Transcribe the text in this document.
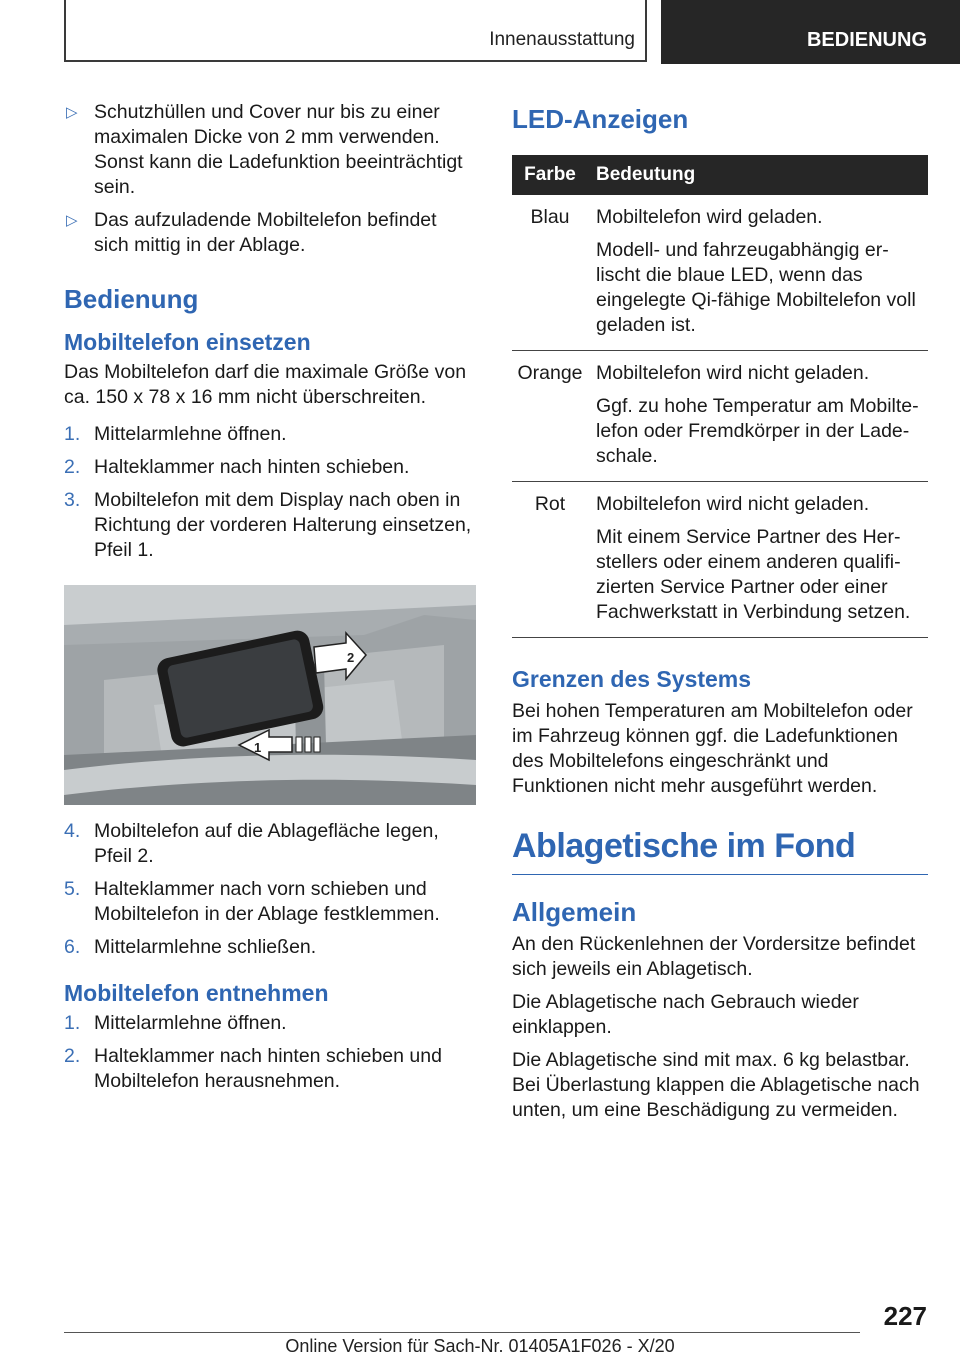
Innenausstattung	BEDIENUNG

▷ Schutzhüllen und Cover nur bis zu einer maximalen Dicke von 2 mm verwenden. Sonst kann die Ladefunktion beeinträchtigt sein.

▷ Das aufzuladende Mobiltelefon befindet sich mittig in der Ablage.

Bedienung
Mobiltelefon einsetzen

Das Mobiltelefon darf die maximale Größe von ca. 150 x 78 x 16 mm nicht überschreiten.

1. Mittelarmlehne öffnen.
2. Halteklammer nach hinten schieben.
3. Mobiltelefon mit dem Display nach oben in Richtung der vorderen Halterung einsetzen, Pfeil 1.
1
2
4. Mobiltelefon auf die Ablagefläche legen, Pfeil 2.
5. Halteklammer nach vorn schieben und Mobiltelefon in der Ablage festklemmen.
6. Mittelarmlehne schließen.
Mobiltelefon entnehmen
1. Mittelarmlehne öffnen.
2. Halteklammer nach hinten schieben und Mobiltelefon herausnehmen.
LED-Anzeigen
Farbe	Bedeutung
Blau	Mobiltelefon wird geladen.

Modell- und fahrzeugabhängig erlischt die blaue LED, wenn das eingelegte Qi-fähige Mobiltelefon voll geladen ist.

Orange	Mobiltelefon wird nicht geladen.

Ggf. zu hohe Temperatur am Mobiltelefon oder Fremdkörper in der Ladeschale.

Rot	Mobiltelefon wird nicht geladen.

Mit einem Service Partner des Herstellers oder einem anderen qualifizierten Service Partner oder einer Fachwerkstatt in Verbindung setzen.

Grenzen des Systems

Bei hohen Temperaturen am Mobiltelefon oder im Fahrzeug können ggf. die Ladefunktionen des Mobiltelefons eingeschränkt und Funktionen nicht mehr ausgeführt werden.

Ablagetische im Fond
Allgemein

An den Rückenlehnen der Vordersitze befindet sich jeweils ein Ablagetisch.

Die Ablagetische nach Gebrauch wieder einklappen.

Die Ablagetische sind mit max. 6 kg belastbar. Bei Überlastung klappen die Ablagetische nach unten, um eine Beschädigung zu vermeiden.

227
Online Version für Sach-Nr. 01405A1F026 - X/20
